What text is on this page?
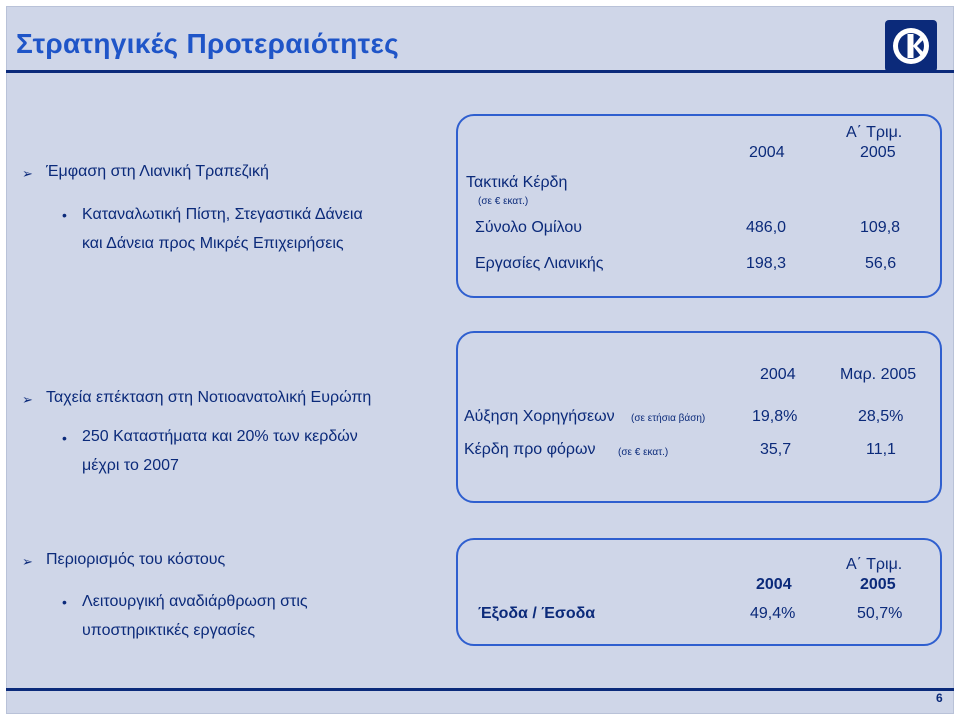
Στρατηγικές Προτεραιότητες
➢ Έμφαση στη Λιανική Τραπεζική
• Καταναλωτική Πίστη, Στεγαστικά Δάνεια
και Δάνεια προς Μικρές Επιχειρήσεις
Α΄ Τριμ.
2004	2005
Τακτικά Κέρδη
(σε € εκατ.)
Σύνολο Ομίλου	486,0	109,8
Εργασίες Λιανικής	198,3	56,6
➢ Ταχεία επέκταση στη Νοτιοανατολική Ευρώπη
• 250 Καταστήματα και 20% των κερδών
μέχρι το 2007
2004	Μαρ. 2005
Αύξηση Χορηγήσεων (σε ετήσια βάση)	19,8%	28,5%
Κέρδη προ φόρων (σε € εκατ.)	35,7	11,1
➢ Περιορισμός του κόστους
• Λειτουργική αναδιάρθρωση στις
υποστηρικτικές εργασίες
Α΄ Τριμ.
2004	2005
Έξοδα / Έσοδα	49,4%	50,7%
6
